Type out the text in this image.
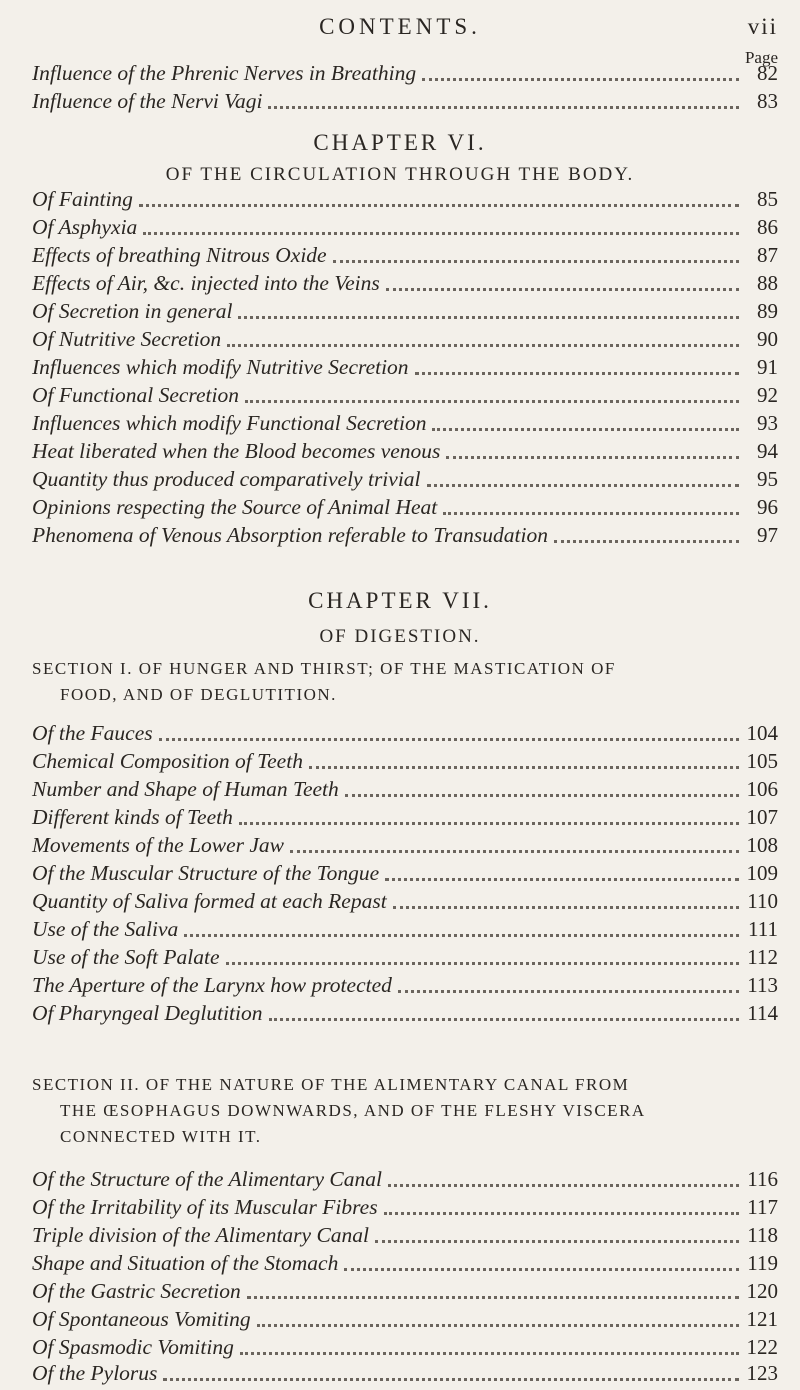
CONTENTS.	vii
Page
Influence of the Phrenic Nerves in Breathing	82
Influence of the Nervi Vagi	83
CHAPTER VI.
OF THE CIRCULATION THROUGH THE BODY.
Of Fainting	85
Of Asphyxia	86
Effects of breathing Nitrous Oxide	87
Effects of Air, &c. injected into the Veins	88
Of Secretion in general	89
Of Nutritive Secretion	90
Influences which modify Nutritive Secretion	91
Of Functional Secretion	92
Influences which modify Functional Secretion	93
Heat liberated when the Blood becomes venous	94
Quantity thus produced comparatively trivial	95
Opinions respecting the Source of Animal Heat	96
Phenomena of Venous Absorption referable to Transudation	97
CHAPTER VII.
OF DIGESTION.
SECTION I. OF HUNGER AND THIRST; OF THE MASTICATION OF
FOOD, AND OF DEGLUTITION.
Of the Fauces	104
Chemical Composition of Teeth	105
Number and Shape of Human Teeth	106
Different kinds of Teeth	107
Movements of the Lower Jaw	108
Of the Muscular Structure of the Tongue	109
Quantity of Saliva formed at each Repast	110
Use of the Saliva	111
Use of the Soft Palate	112
The Aperture of the Larynx how protected	113
Of Pharyngeal Deglutition	114
SECTION II. OF THE NATURE OF THE ALIMENTARY CANAL FROM
THE ŒSOPHAGUS DOWNWARDS, AND OF THE FLESHY VISCERA
CONNECTED WITH IT.
Of the Structure of the Alimentary Canal	116
Of the Irritability of its Muscular Fibres	117
Triple division of the Alimentary Canal	118
Shape and Situation of the Stomach	119
Of the Gastric Secretion	120
Of Spontaneous Vomiting	121
Of Spasmodic Vomiting	122
Of the Pylorus	123
